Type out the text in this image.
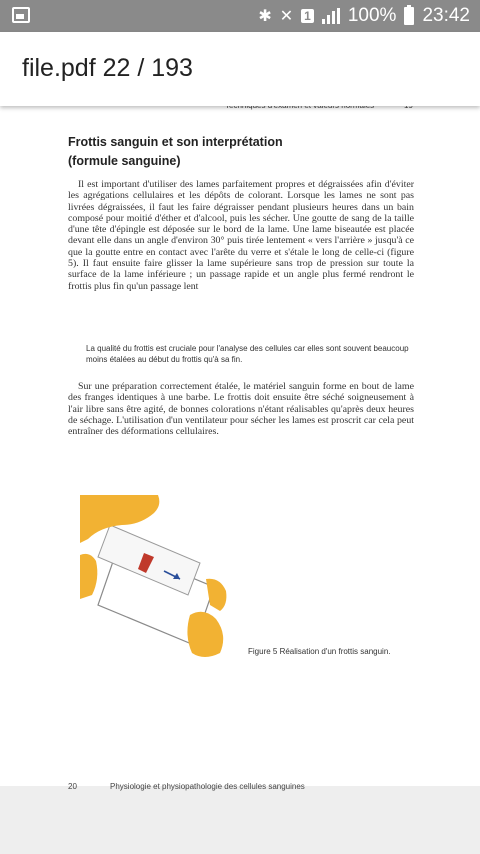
✱ ✕ 1 100% 23:42
file.pdf 22 / 193
Frottis sanguin et son interprétation
(formule sanguine)

Il est important d'utiliser des lames parfaitement propres et dégraissées afin d'éviter les agrégations cellulaires et les dépôts de colorant. Lorsque les lames ne sont pas livrées dégraissées, il faut les faire dégraisser pendant plusieurs heures dans un bain composé pour moitié d'éther et d'alcool, puis les sécher. Une goutte de sang de la taille d'une tête d'épingle est déposée sur le bord de la lame. Une lame biseautée est placée devant elle dans un angle d'environ 30° puis tirée lentement « vers l'arrière » jusqu'à ce que la goutte entre en contact avec l'arête du verre et s'étale le long de celle-ci (figure 5). Il faut ensuite faire glisser la lame supérieure sans trop de pression sur toute la surface de la lame inférieure ; un passage rapide et un angle plus fermé rendront le frottis plus fin qu'un passage lent

La qualité du frottis est cruciale pour l'analyse des cellules car elles sont souvent beaucoup moins étalées au début du frottis qu'à sa fin.

Sur une préparation correctement étalée, le matériel sanguin forme en bout de lame des franges identiques à une barbe. Le frottis doit ensuite être séché soigneusement à l'air libre sans être agité, de bonnes colorations n'étant réalisables qu'après deux heures de séchage. L'utilisation d'un ventilateur pour sécher les lames est proscrit car cela peut entraîner des déformations cellulaires.

Figure 5 Réalisation d'un frottis sanguin.
20	Physiologie et physiopathologie des cellules sanguines
